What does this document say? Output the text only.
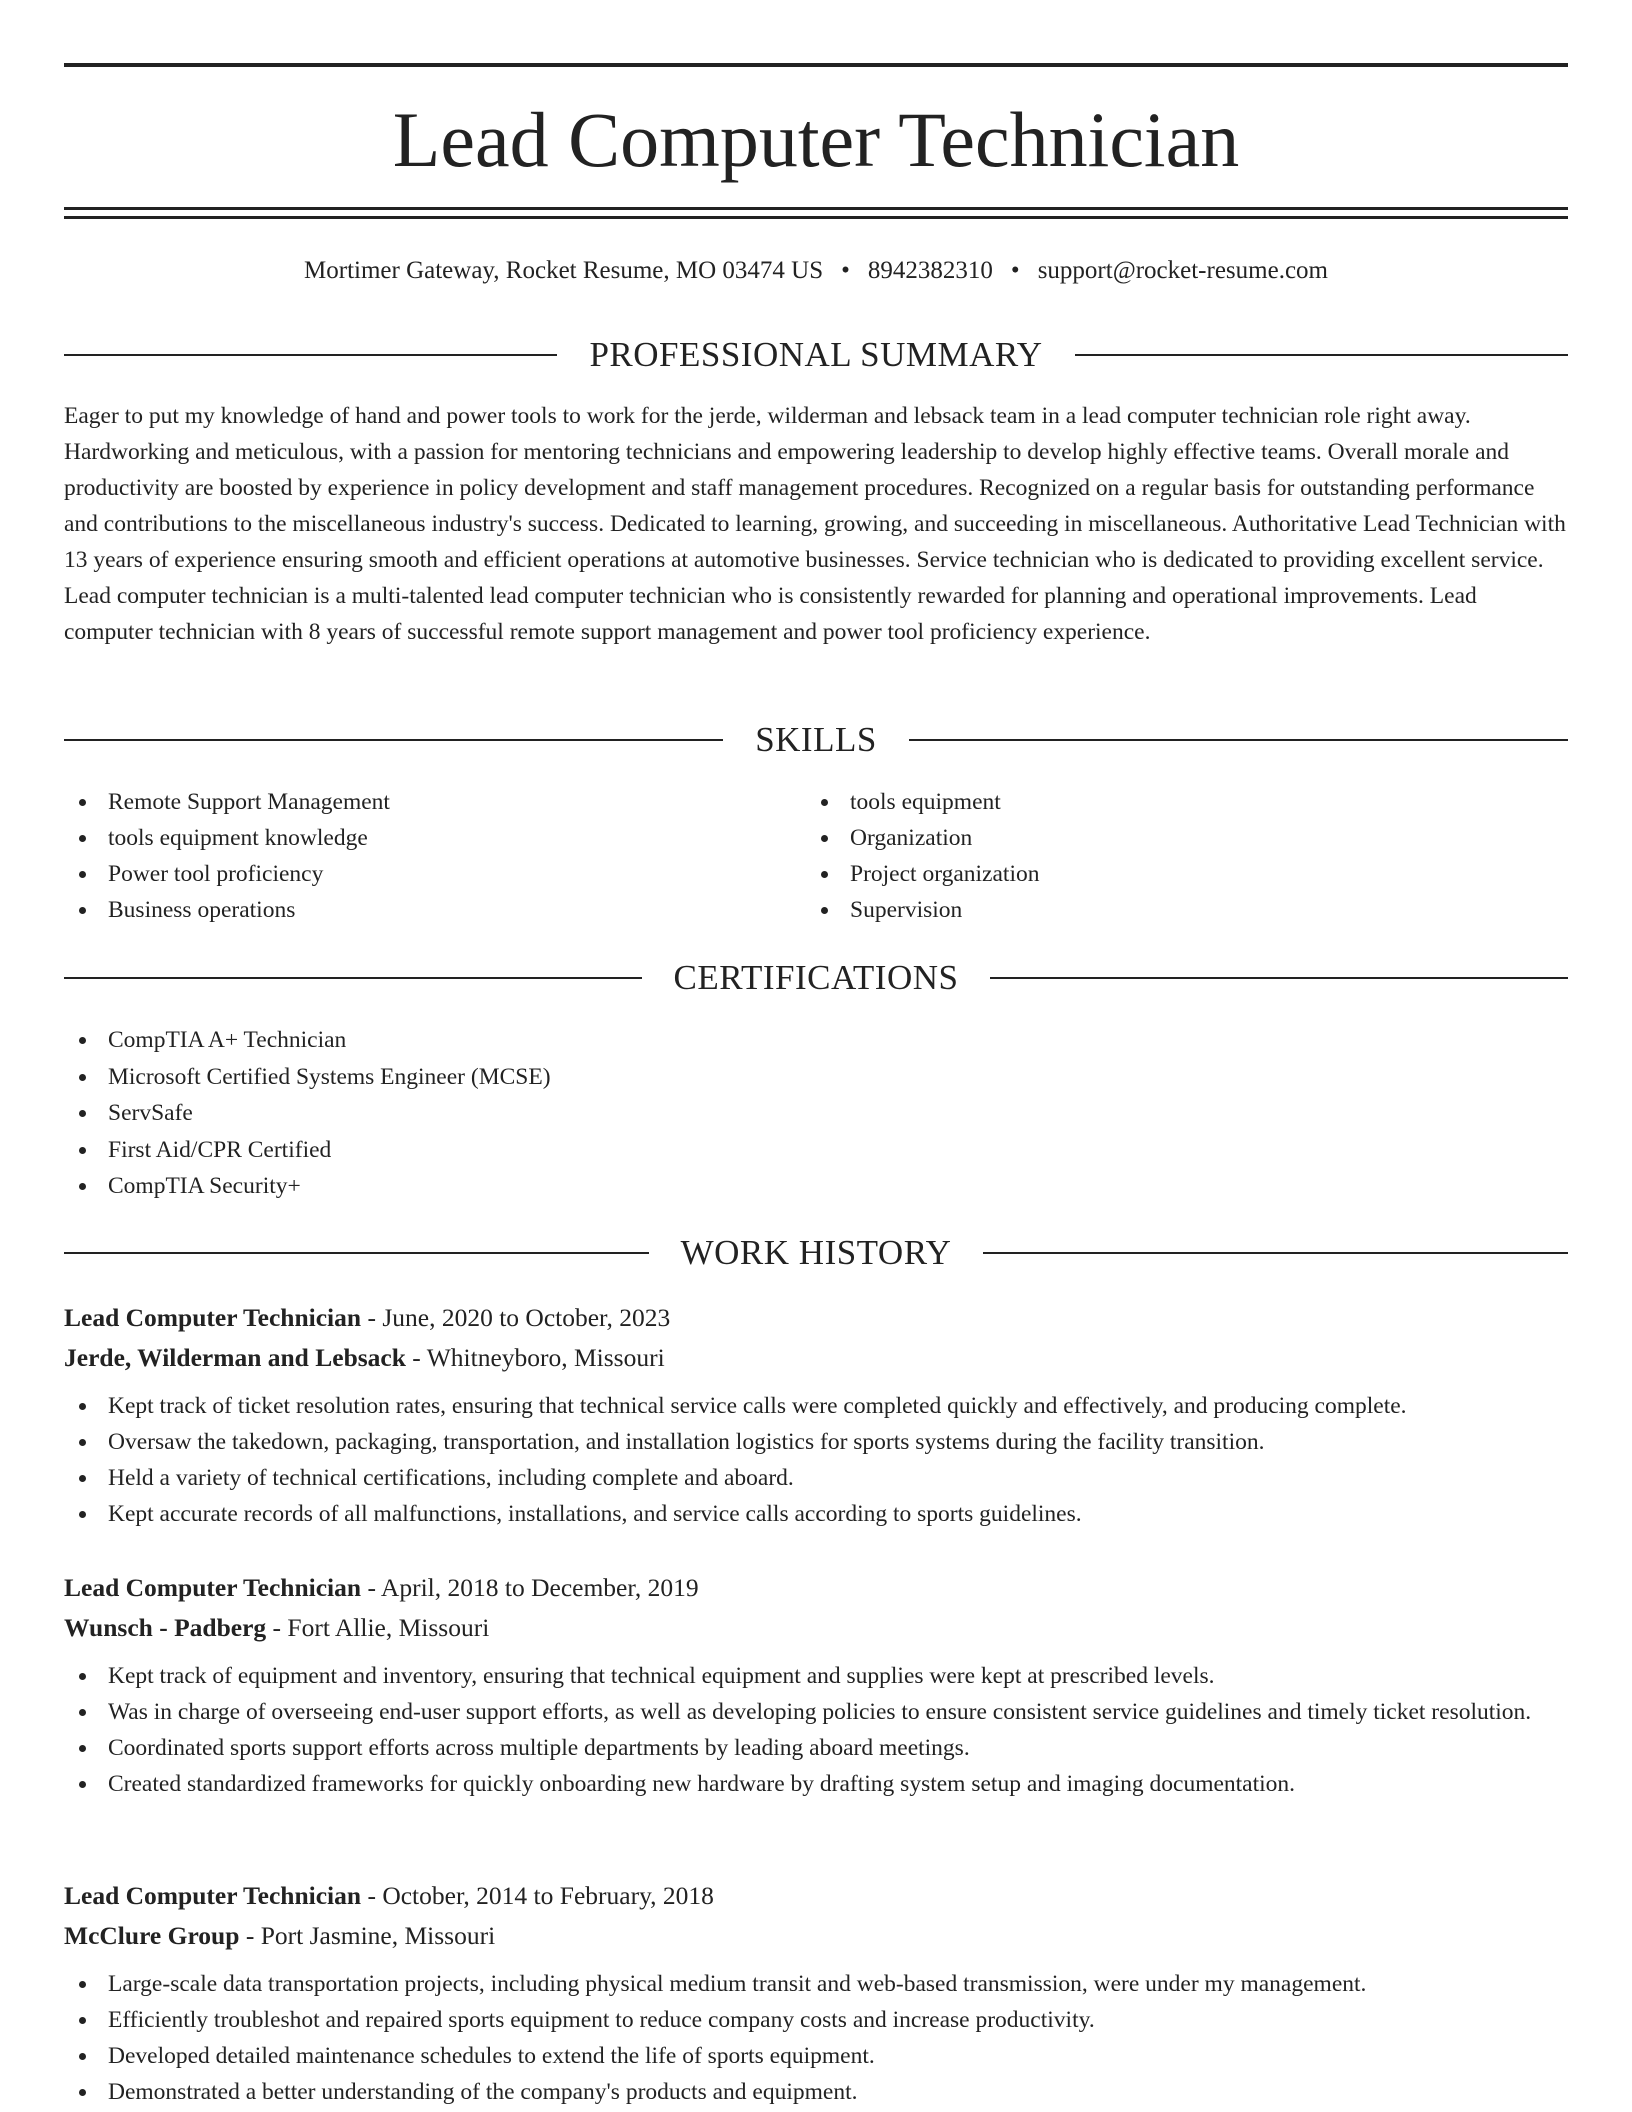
Lead Computer Technician
Mortimer Gateway, Rocket Resume, MO 03474 US • 8942382310 • support@rocket-resume.com
PROFESSIONAL SUMMARY

Eager to put my knowledge of hand and power tools to work for the jerde, wilderman and lebsack team in a lead computer technician role right away. Hardworking and meticulous, with a passion for mentoring technicians and empowering leadership to develop highly effective teams. Overall morale and productivity are boosted by experience in policy development and staff management procedures. Recognized on a regular basis for outstanding performance and contributions to the miscellaneous industry's success. Dedicated to learning, growing, and succeeding in miscellaneous. Authoritative Lead Technician with 13 years of experience ensuring smooth and efficient operations at automotive businesses. Service technician who is dedicated to providing excellent service. Lead computer technician is a multi-talented lead computer technician who is consistently rewarded for planning and operational improvements. Lead computer technician with 8 years of successful remote support management and power tool proficiency experience.

SKILLS
Remote Support Management
tools equipment knowledge
Power tool proficiency
Business operations
tools equipment
Organization
Project organization
Supervision
CERTIFICATIONS
CompTIA A+ Technician
Microsoft Certified Systems Engineer (MCSE)
ServSafe
First Aid/CPR Certified
CompTIA Security+
WORK HISTORY
Lead Computer Technician - June, 2020 to October, 2023
Jerde, Wilderman and Lebsack - Whitneyboro, Missouri
Kept track of ticket resolution rates, ensuring that technical service calls were completed quickly and effectively, and producing complete.
Oversaw the takedown, packaging, transportation, and installation logistics for sports systems during the facility transition.
Held a variety of technical certifications, including complete and aboard.
Kept accurate records of all malfunctions, installations, and service calls according to sports guidelines.
Lead Computer Technician - April, 2018 to December, 2019
Wunsch - Padberg - Fort Allie, Missouri
Kept track of equipment and inventory, ensuring that technical equipment and supplies were kept at prescribed levels.
Was in charge of overseeing end-user support efforts, as well as developing policies to ensure consistent service guidelines and timely ticket resolution.
Coordinated sports support efforts across multiple departments by leading aboard meetings.
Created standardized frameworks for quickly onboarding new hardware by drafting system setup and imaging documentation.
Lead Computer Technician - October, 2014 to February, 2018
McClure Group - Port Jasmine, Missouri
Large-scale data transportation projects, including physical medium transit and web-based transmission, were under my management.
Efficiently troubleshot and repaired sports equipment to reduce company costs and increase productivity.
Developed detailed maintenance schedules to extend the life of sports equipment.
Demonstrated a better understanding of the company's products and equipment.
